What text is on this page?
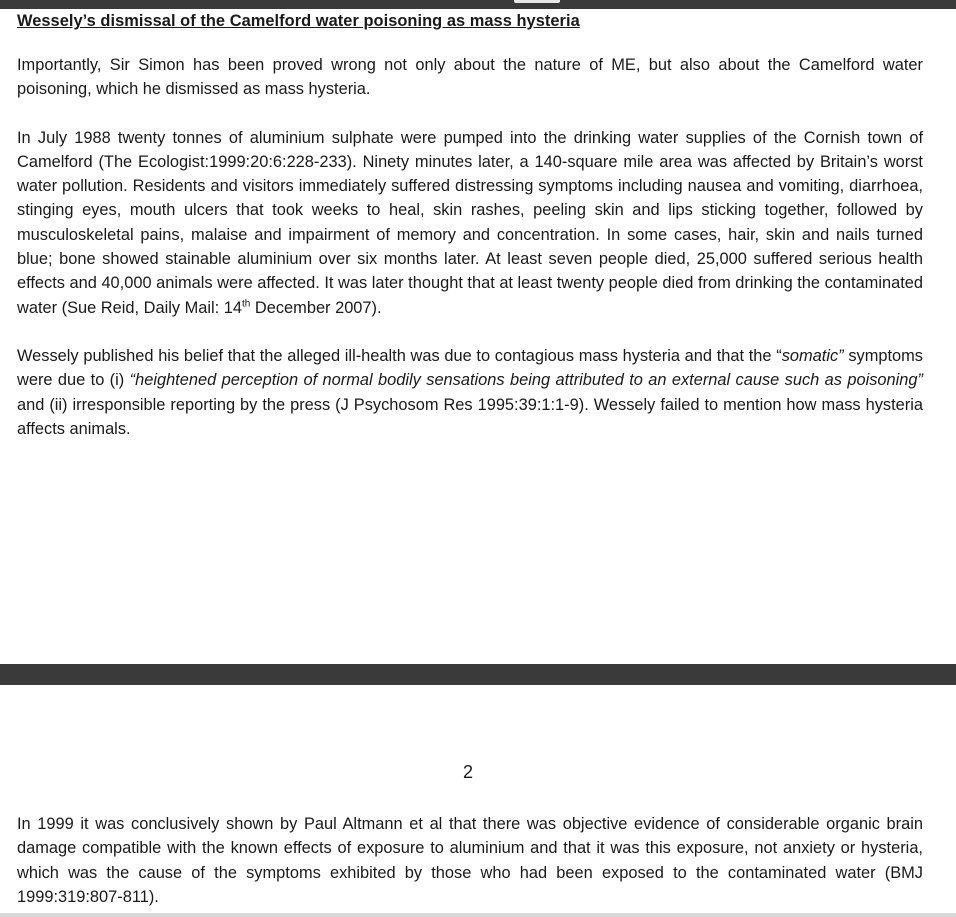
Wessely’s dismissal of the Camelford water poisoning as mass hysteria

Importantly, Sir Simon has been proved wrong not only about the nature of ME, but also about the Camelford water poisoning, which he dismissed as mass hysteria.

In July 1988 twenty tonnes of aluminium sulphate were pumped into the drinking water supplies of the Cornish town of Camelford (The Ecologist:1999:20:6:228-233). Ninety minutes later, a 140-square mile area was affected by Britain’s worst water pollution. Residents and visitors immediately suffered distressing symptoms including nausea and vomiting, diarrhoea, stinging eyes, mouth ulcers that took weeks to heal, skin rashes, peeling skin and lips sticking together, followed by musculoskeletal pains, malaise and impairment of memory and concentration. In some cases, hair, skin and nails turned blue; bone showed stainable aluminium over six months later. At least seven people died, 25,000 suffered serious health effects and 40,000 animals were affected. It was later thought that at least twenty people died from drinking the contaminated water (Sue Reid, Daily Mail: 14th December 2007).

Wessely published his belief that the alleged ill-health was due to contagious mass hysteria and that the “somatic” symptoms were due to (i) “heightened perception of normal bodily sensations being attributed to an external cause such as poisoning” and (ii) irresponsible reporting by the press (J Psychosom Res 1995:39:1:1-9). Wessely failed to mention how mass hysteria affects animals.

2

In 1999 it was conclusively shown by Paul Altmann et al that there was objective evidence of considerable organic brain damage compatible with the known effects of exposure to aluminium and that it was this exposure, not anxiety or hysteria, which was the cause of the symptoms exhibited by those who had been exposed to the contaminated water (BMJ 1999:319:807-811).
